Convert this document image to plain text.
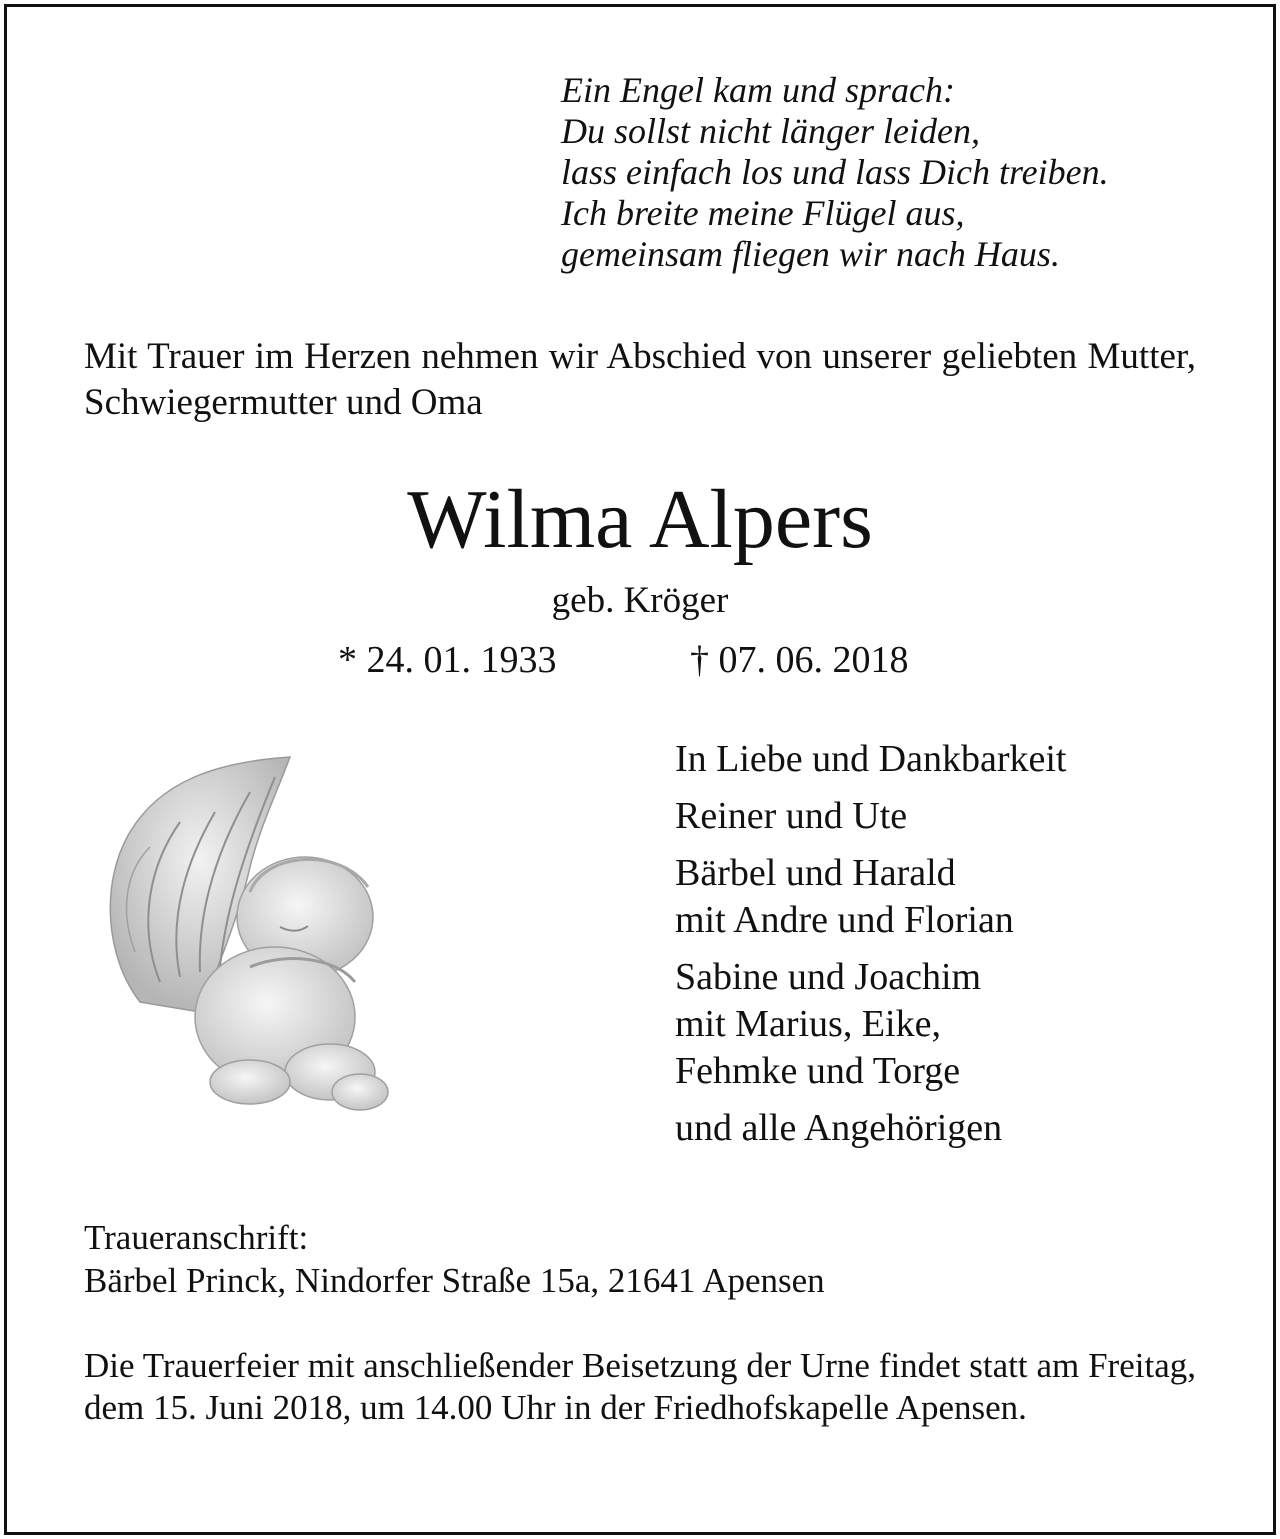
Ein Engel kam und sprach:
Du sollst nicht länger leiden,
lass einfach los und lass Dich treiben.
Ich breite meine Flügel aus,
gemeinsam fliegen wir nach Haus.
Mit Trauer im Herzen nehmen wir Abschied von unserer geliebten Mutter, Schwiegermutter und Oma
Wilma Alpers
geb. Kröger
* 24. 01. 1933	† 07. 06. 2018
In Liebe und Dankbarkeit
Reiner und Ute
Bärbel und Harald
mit Andre und Florian
Sabine und Joachim
mit Marius, Eike,
Fehmke und Torge
und alle Angehörigen
Traueranschrift:
Bärbel Princk, Nindorfer Straße 15a, 21641 Apensen
Die Trauerfeier mit anschließender Beisetzung der Urne findet statt am Freitag, dem 15. Juni 2018, um 14.00 Uhr in der Friedhofskapelle Apensen.
